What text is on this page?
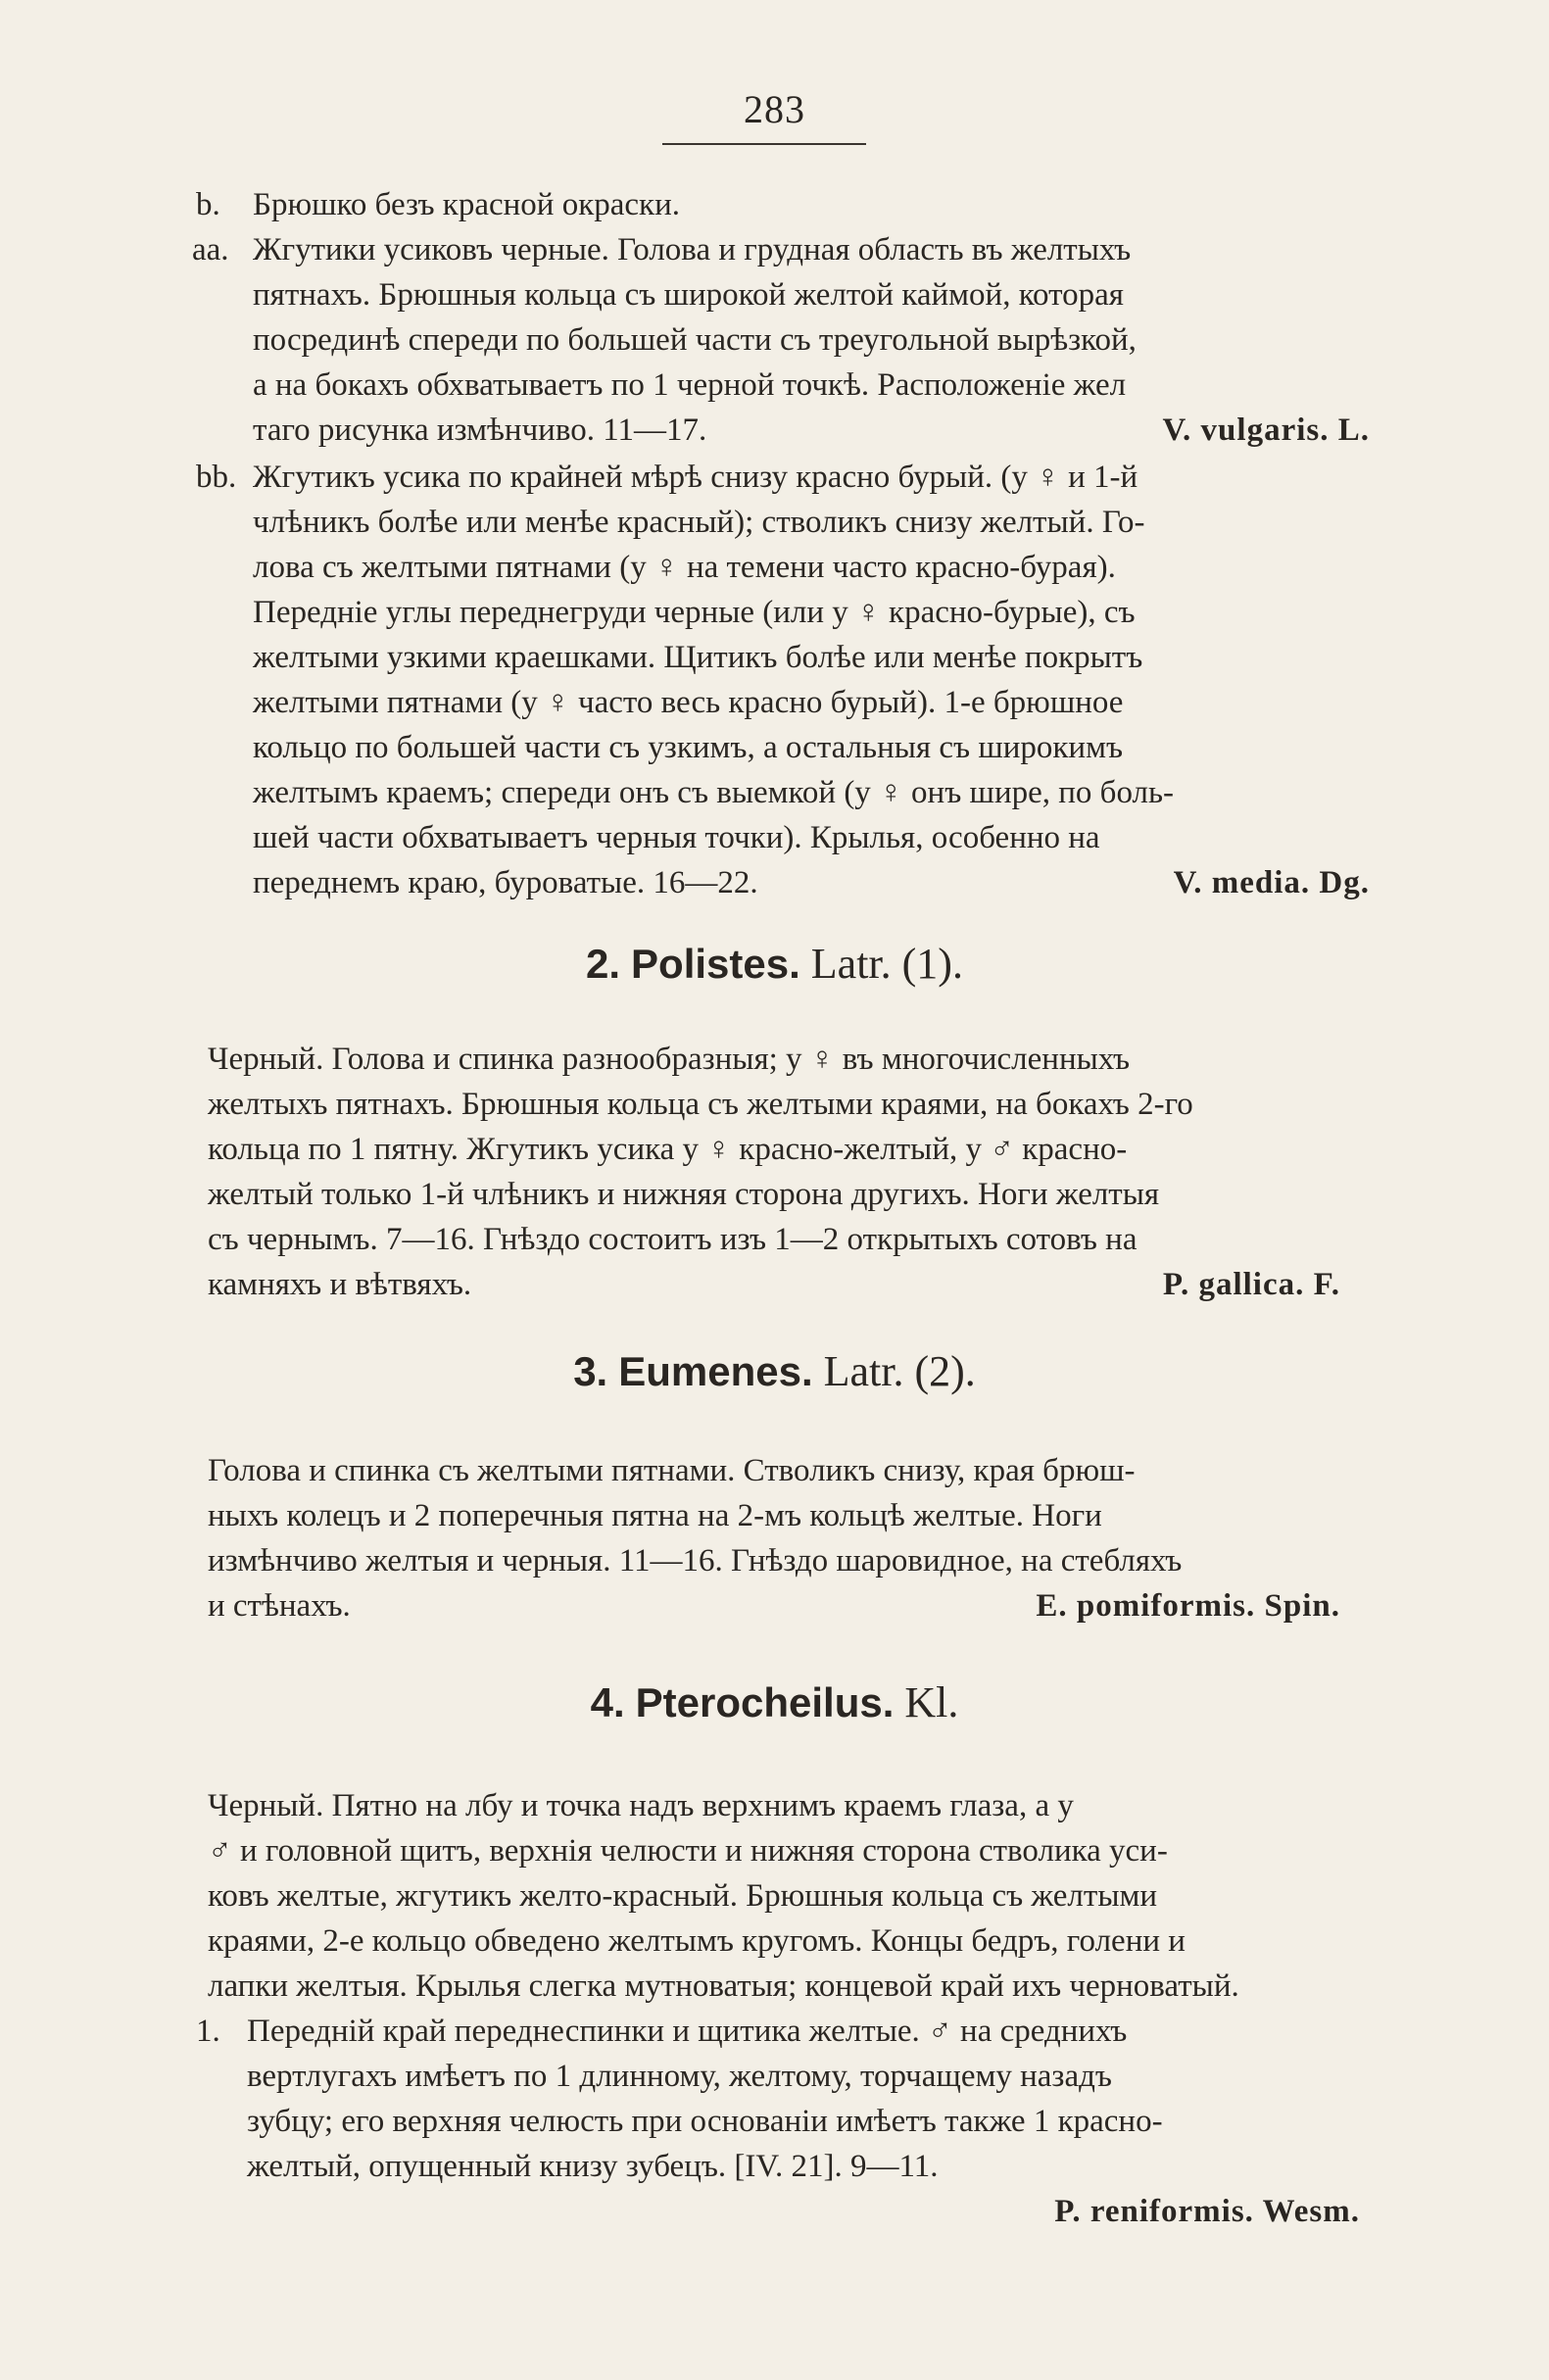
283
b. Брюшко безъ красной окраски.
aa. Жгутики усиковъ черные. Голова и грудная область въ желтыхъ
пятнахъ. Брюшныя кольца съ широкой желтой каймой, которая
посрединѣ спереди по большей части съ треугольной вырѣзкой,
а на бокахъ обхватываетъ по 1 черной точкѣ. Расположеніе жел
таго рисунка измѣнчиво. 11—17.	V. vulgaris. L.
bb. Жгутикъ усика по крайней мѣрѣ снизу красно бурый. (у ♀ и 1-й
члѣникъ болѣе или менѣе красный); стволикъ снизу желтый. Го-
лова съ желтыми пятнами (у ♀ на темени часто красно-бурая).
Передніе углы переднегруди черные (или у ♀ красно-бурые), съ
желтыми узкими краешками. Щитикъ болѣе или менѣе покрытъ
желтыми пятнами (у ♀ часто весь красно бурый). 1-е брюшное
кольцо по большей части съ узкимъ, а остальныя съ широкимъ
желтымъ краемъ; спереди онъ съ выемкой (у ♀ онъ шире, по боль-
шей части обхватываетъ черныя точки). Крылья, особенно на
переднемъ краю, буроватые. 16—22.	V. media. Dg.
2. Polistes. Latr. (1).
Черный. Голова и спинка разнообразныя; у ♀ въ многочисленныхъ
желтыхъ пятнахъ. Брюшныя кольца съ желтыми краями, на бокахъ 2-го
кольца по 1 пятну. Жгутикъ усика у ♀ красно-желтый, у ♂ красно-
желтый только 1-й члѣникъ и нижняя сторона другихъ. Ноги желтыя
съ чернымъ. 7—16. Гнѣздо состоитъ изъ 1—2 открытыхъ сотовъ на
камняхъ и вѣтвяхъ.	P. gallica. F.
3. Eumenes. Latr. (2).
Голова и спинка съ желтыми пятнами. Стволикъ снизу, края брюш-
ныхъ колецъ и 2 поперечныя пятна на 2-мъ кольцѣ желтые. Ноги
измѣнчиво желтыя и черныя. 11—16. Гнѣздо шаровидное, на стебляхъ
и стѣнахъ.	E. pomiformis. Spin.
4. Pterocheilus. Kl.
Черный. Пятно на лбу и точка надъ верхнимъ краемъ глаза, а у
♂ и головной щитъ, верхнія челюсти и нижняя сторона стволика уси-
ковъ желтые, жгутикъ желто-красный. Брюшныя кольца съ желтыми
краями, 2-е кольцо обведено желтымъ кругомъ. Концы бедръ, голени и
лапки желтыя. Крылья слегка мутноватыя; концевой край ихъ черноватый.
1. Передній край переднеспинки и щитика желтые. ♂ на среднихъ
вертлугахъ имѣетъ по 1 длинному, желтому, торчащему назадъ
зубцу; его верхняя челюсть при основаніи имѣетъ также 1 красно-
желтый, опущенный книзу зубецъ. [IV. 21]. 9—11.
P. reniformis. Wesm.
